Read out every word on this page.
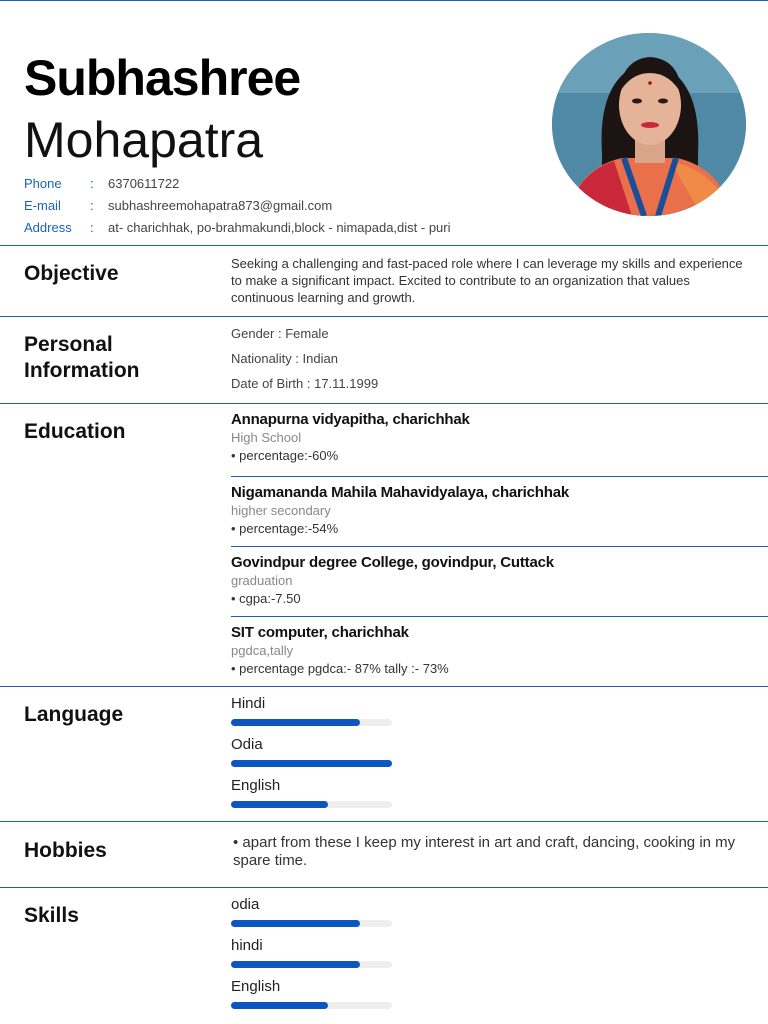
Subhashree
Mohapatra
Phone	:	6370611722
E-mail	:	subhashreemohapatra873@gmail.com
Address	:	at- charichhak, po-brahmakundi,block - nimapada,dist - puri
Objective	Seeking a challenging and fast-paced role where I can leverage my skills and experience to make a significant impact. Excited to contribute to an organization that values continuous learning and growth.
Personal
Information
Gender : Female
Nationality : Indian
Date of Birth : 17.11.1999
Education
Annapurna vidyapitha, charichhak
High School
• percentage:-60%
Nigamananda Mahila Mahavidyalaya, charichhak
higher secondary
• percentage:-54%
Govindpur degree College, govindpur, Cuttack
graduation
• cgpa:-7.50
SIT computer, charichhak
pgdca,tally
• percentage pgdca:- 87% tally :- 73%
Language	Hindi
Odia
English
Hobbies	• apart from these I keep my interest in art and craft, dancing, cooking in my spare time.
Skills	odia
hindi
English
